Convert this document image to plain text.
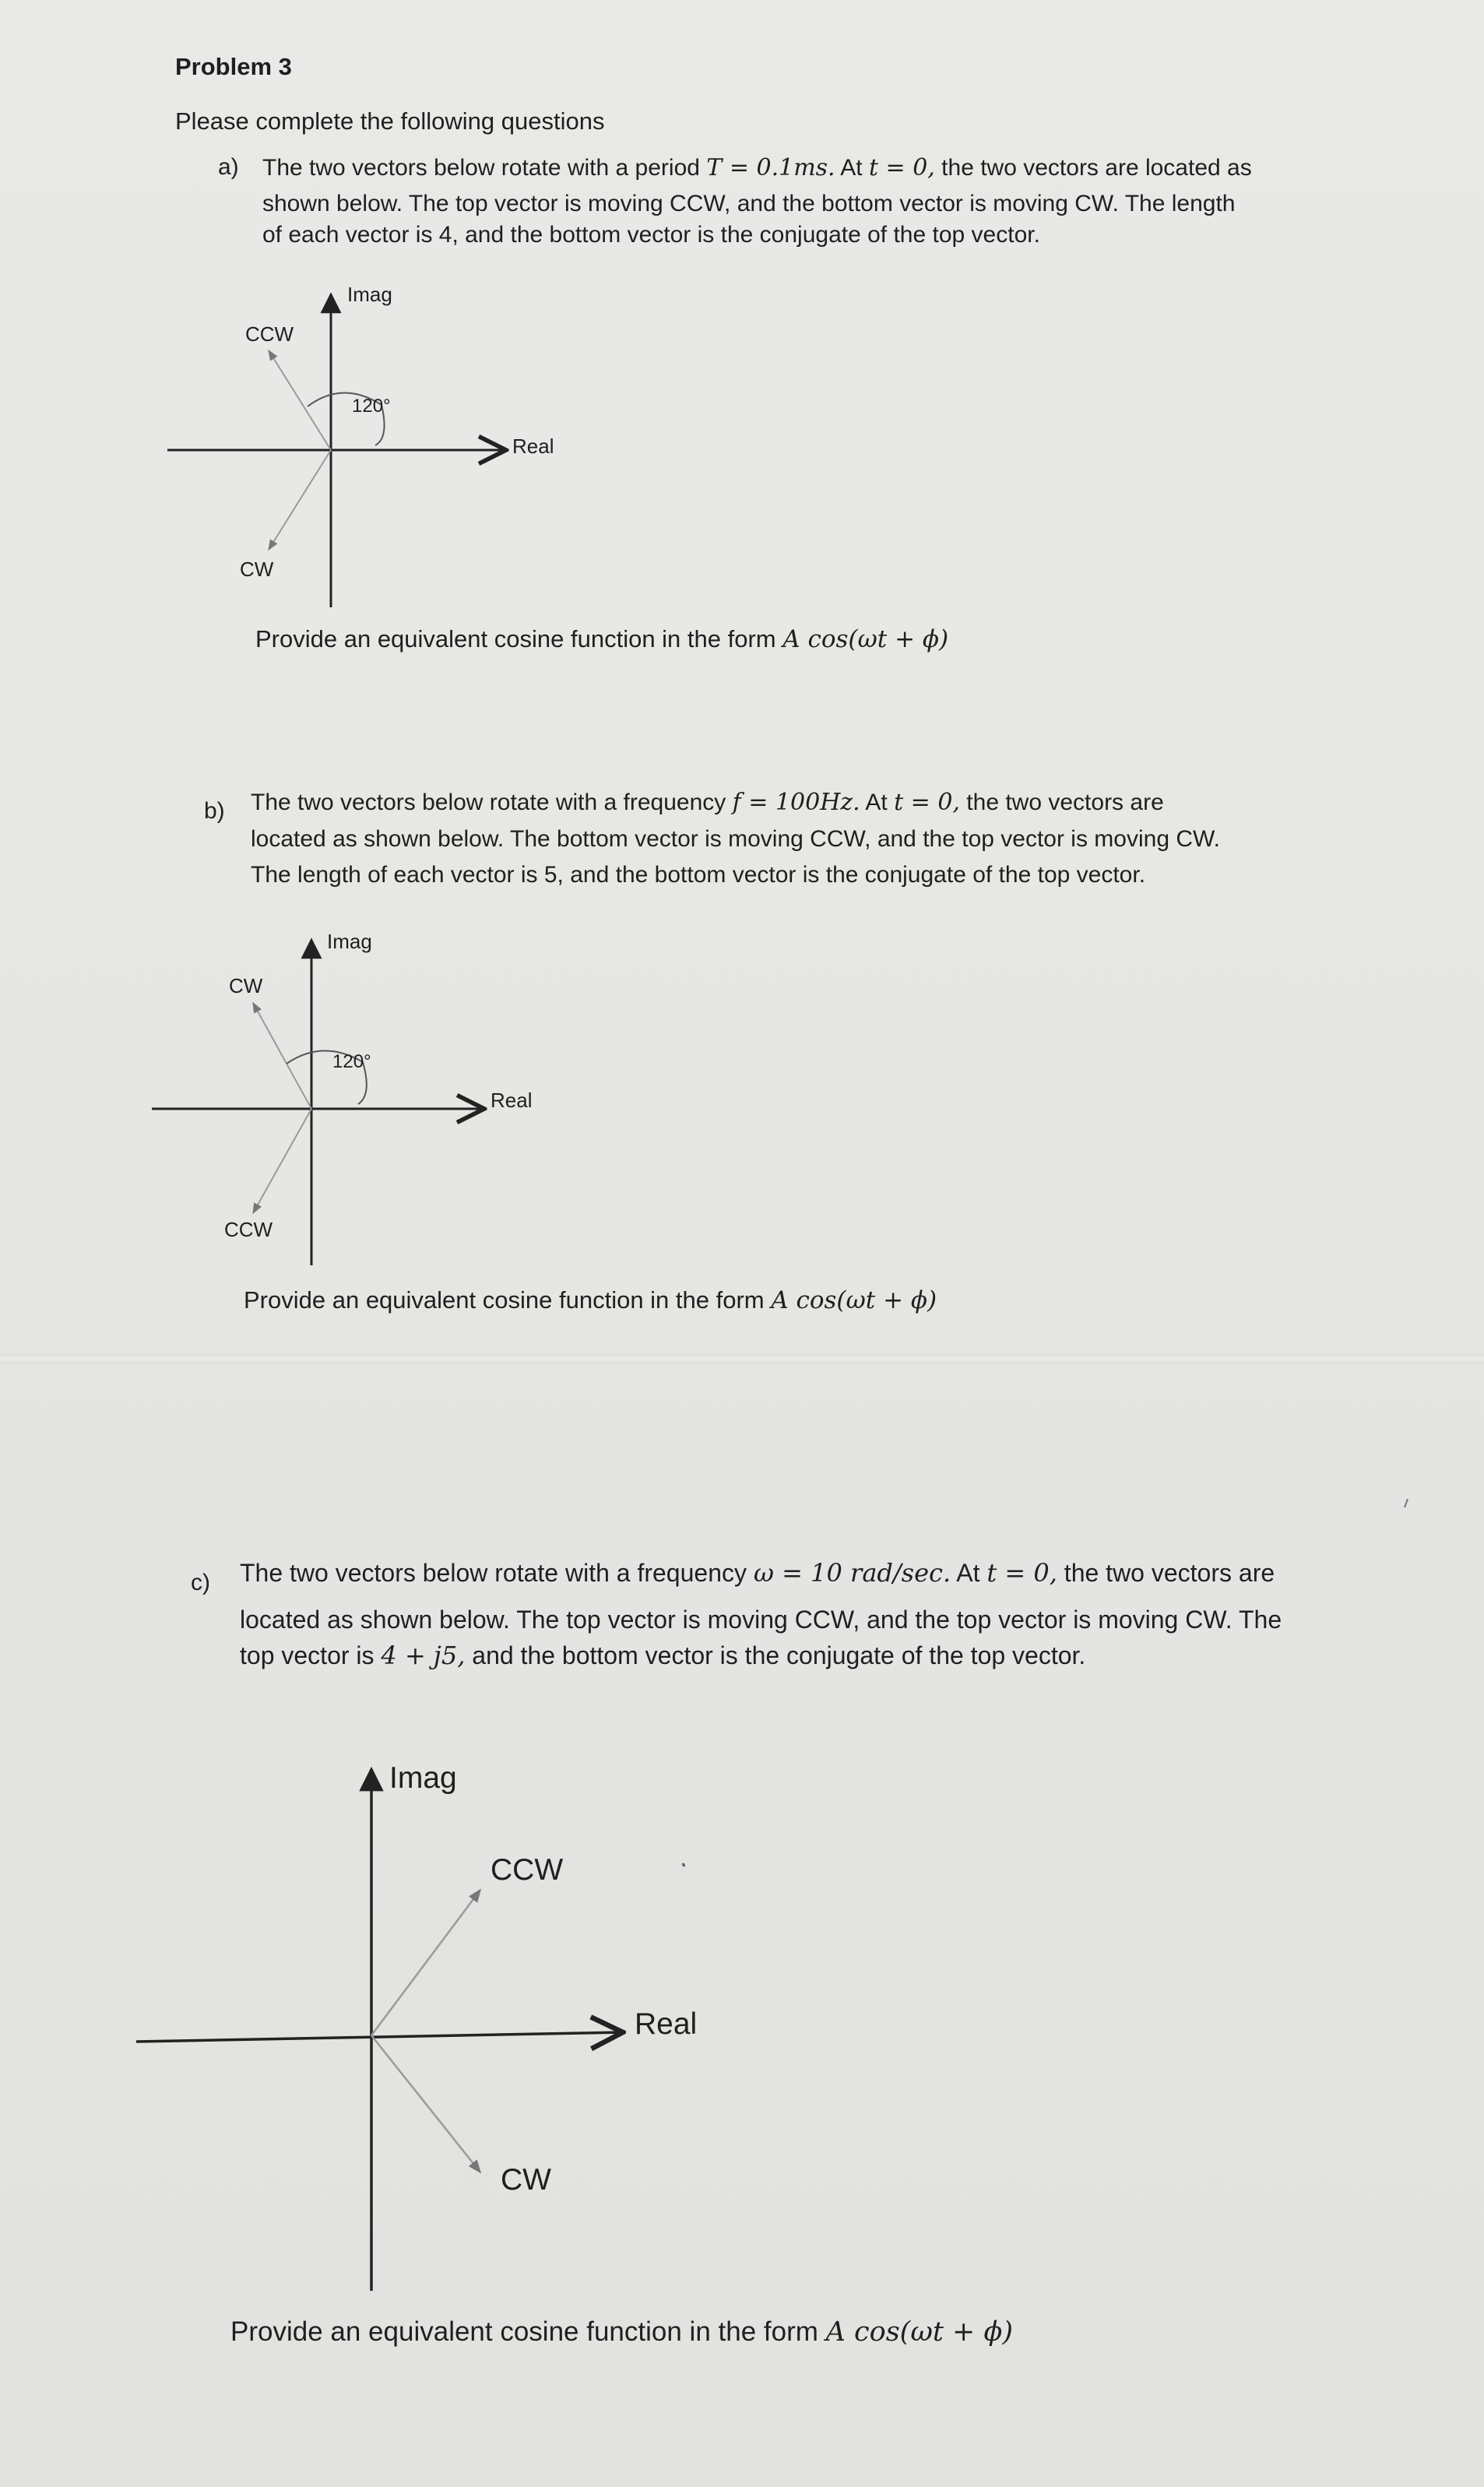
Problem 3
Please complete the following questions
a) The two vectors below rotate with a period T = 0.1ms. At t = 0, the two vectors are located as
shown below. The top vector is moving CCW, and the bottom vector is moving CW. The length
of each vector is 4, and the bottom vector is the conjugate of the top vector.
Imag
Real
CCW
CW
120°
Provide an equivalent cosine function in the form A cos(ωt + ϕ)
b) The two vectors below rotate with a frequency f = 100Hz. At t = 0, the two vectors are
located as shown below. The bottom vector is moving CCW, and the top vector is moving CW.
The length of each vector is 5, and the bottom vector is the conjugate of the top vector.
Imag
Real
CW
CCW
120°
Provide an equivalent cosine function in the form A cos(ωt + ϕ)
c) The two vectors below rotate with a frequency ω = 10 rad/sec. At t = 0, the two vectors are
located as shown below. The top vector is moving CCW, and the top vector is moving CW. The
top vector is 4 + j5, and the bottom vector is the conjugate of the top vector.
Imag
Real
CCW
CW
Provide an equivalent cosine function in the form A cos(ωt + ϕ)
